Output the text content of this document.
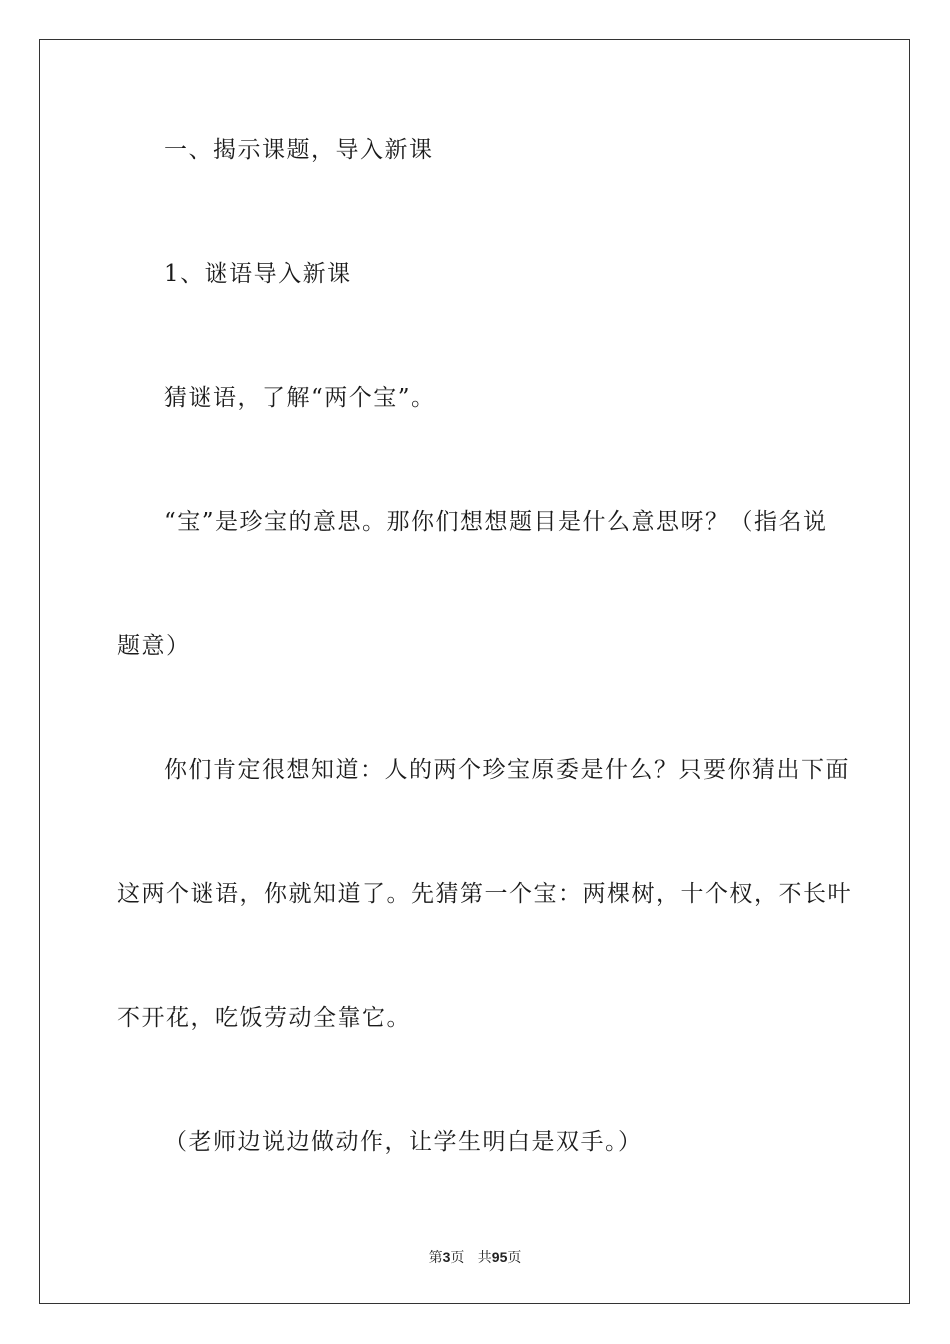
一、揭示课题，导入新课
1、谜语导入新课
猜谜语，了解“两个宝”。
“宝”是珍宝的意思。那你们想想题目是什么意思呀？（指名说
题意）
你们肯定很想知道：人的两个珍宝原委是什么？只要你猜出下面
这两个谜语，你就知道了。先猜第一个宝：两棵树，十个杈，不长叶
不开花，吃饭劳动全靠它。
（老师边说边做动作，让学生明白是双手。）
第3页 共95页
